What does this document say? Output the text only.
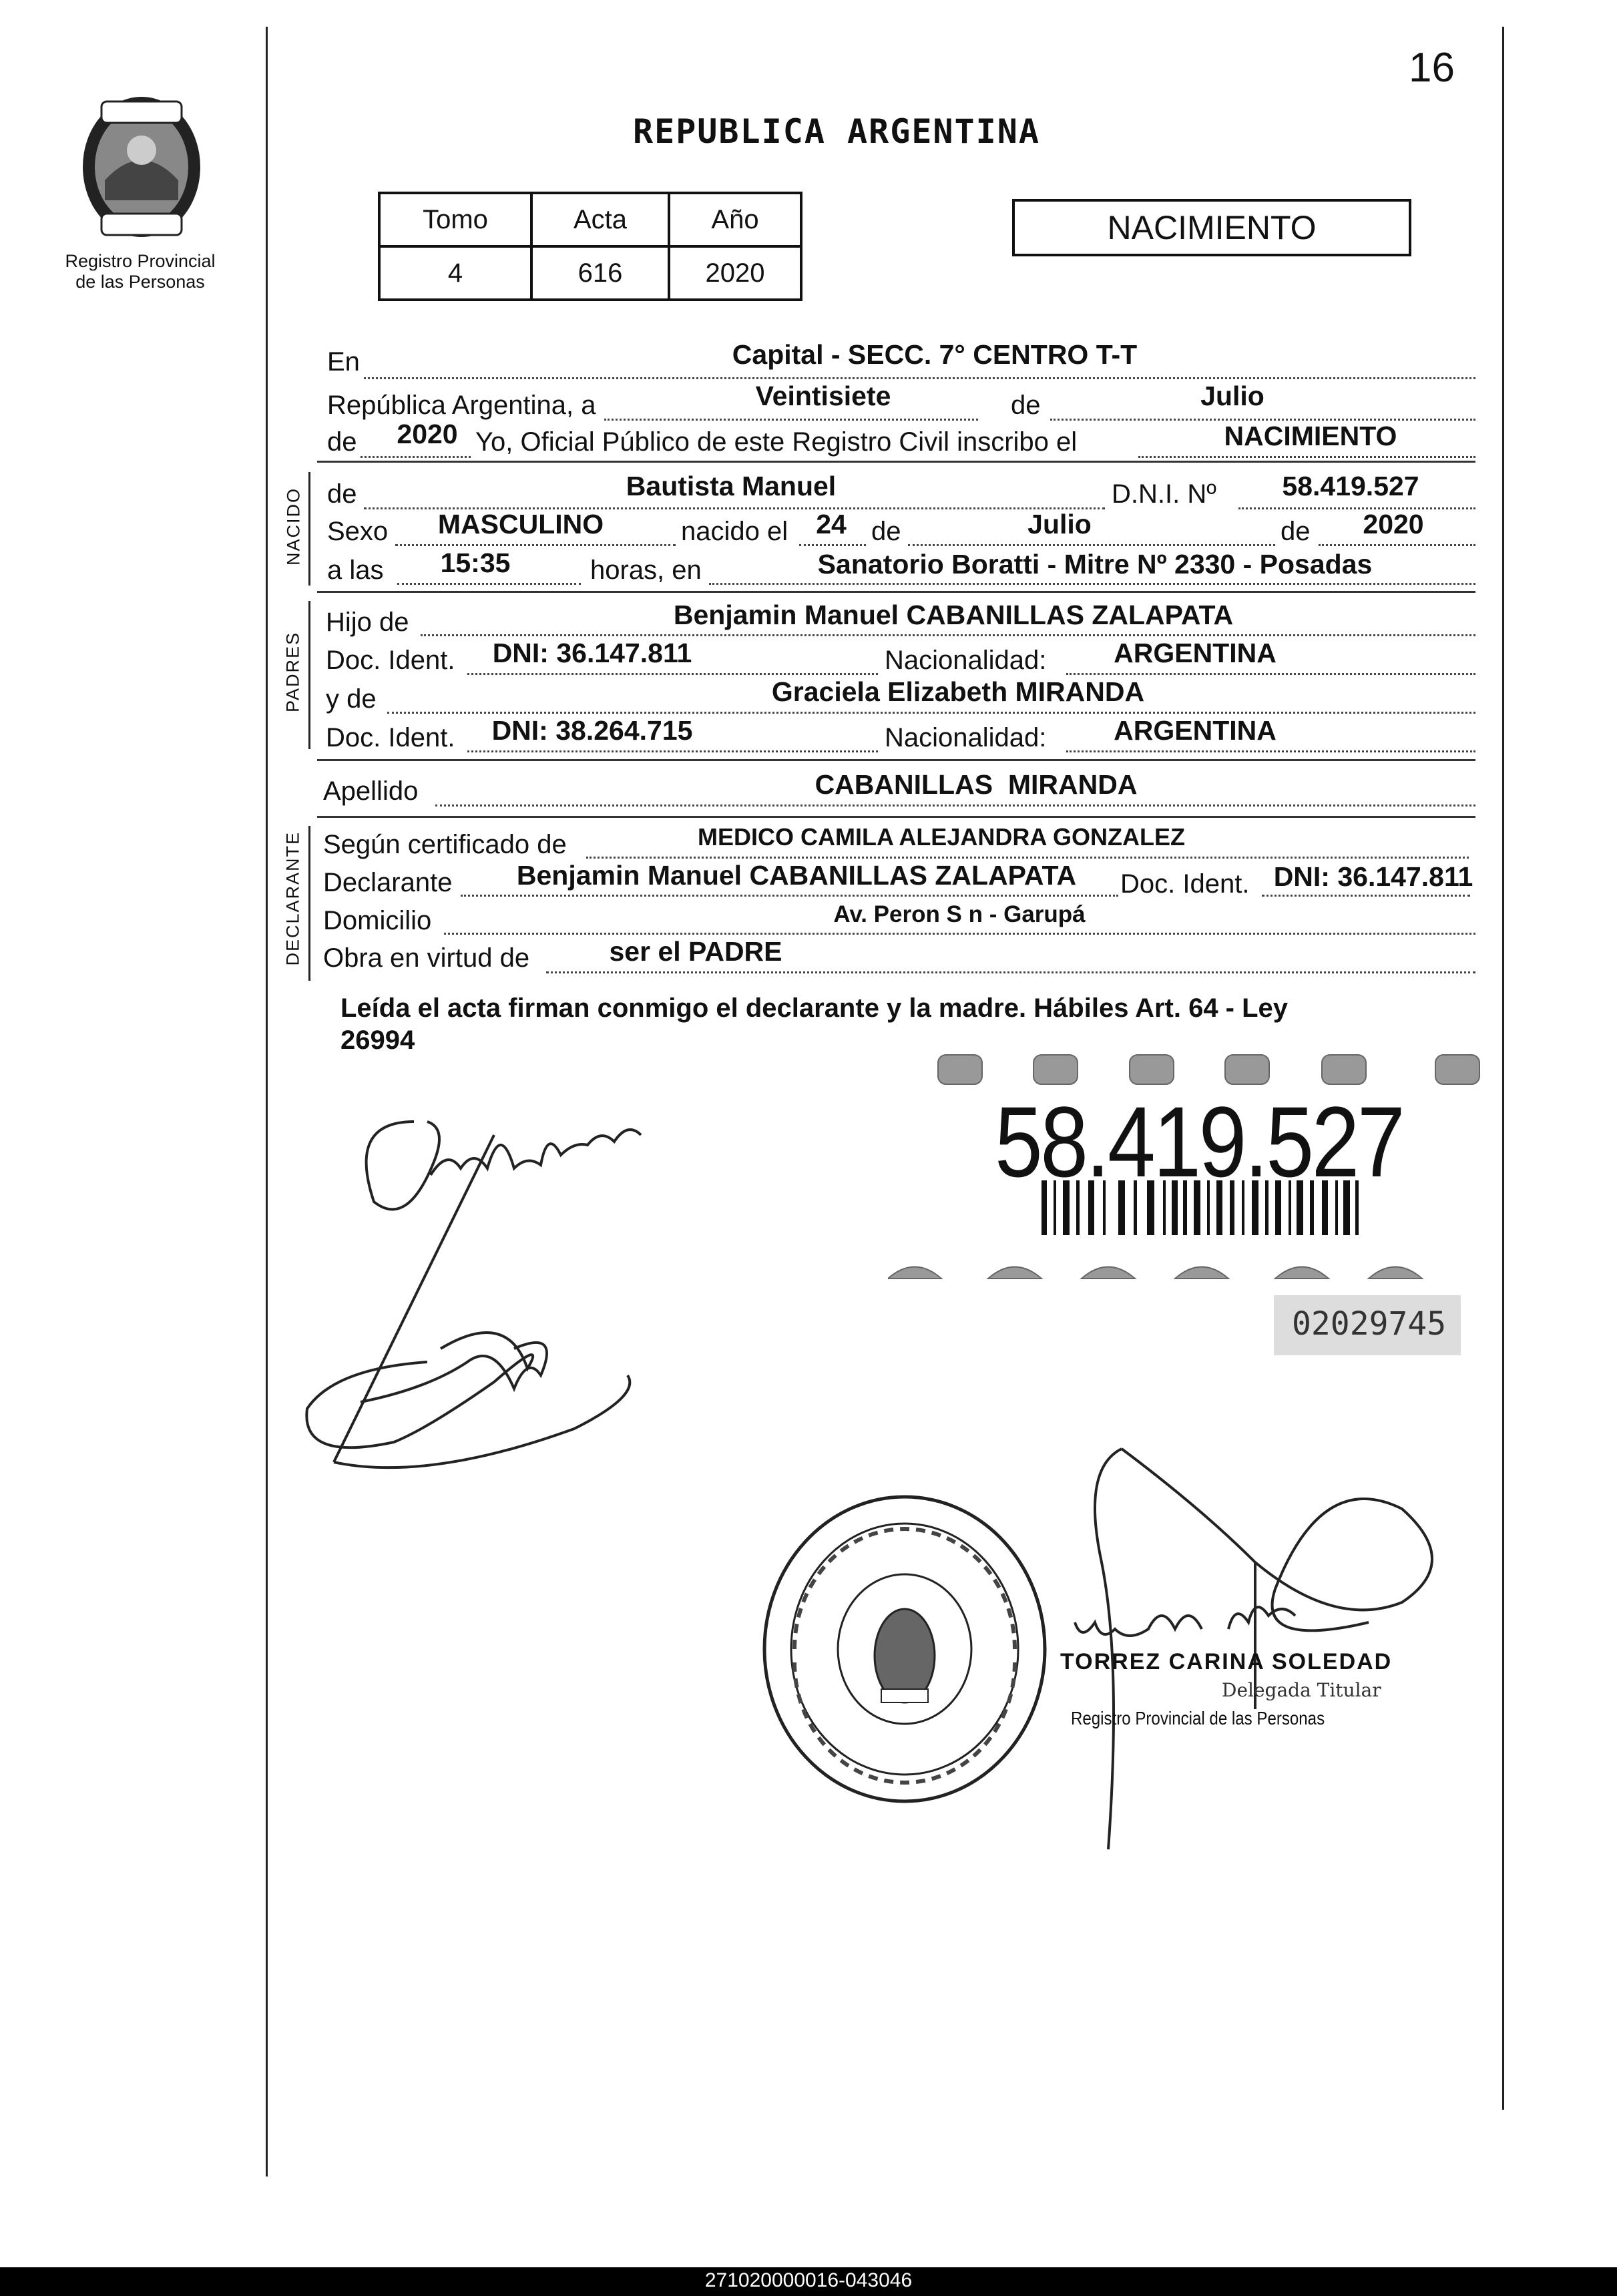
16
Registro Provincial
de las Personas
REPUBLICA ARGENTINA
Tomo	Acta	Año
4	616	2020
NACIMIENTO
En	Capital - SECC. 7° CENTRO T-T
República Argentina, a	Veintisiete	de	Julio
de 2020 Yo, Oficial Público de este Registro Civil inscribo el	NACIMIENTO
NACIDO de	Bautista Manuel	D.N.I. Nº 58.419.527
Sexo MASCULINO	nacido el 24 de	Julio	de 2020
a las 15:35	horas, en	Sanatorio Boratti - Mitre Nº 2330 - Posadas
PADRES
Hijo de	Benjamin Manuel CABANILLAS ZALAPATA
Doc. Ident. DNI: 36.147.811	Nacionalidad: ARGENTINA
y de	Graciela Elizabeth MIRANDA
Doc. Ident. DNI: 38.264.715	Nacionalidad: ARGENTINA
Apellido	CABANILLAS  MIRANDA
DECLARANTE Según certificado de	MEDICO CAMILA ALEJANDRA GONZALEZ
Declarante Benjamin Manuel CABANILLAS ZALAPATA Doc. Ident. DNI: 36.147.811
Domicilio	Av. Peron S n - Garupá
Obra en virtud de	ser el PADRE
Leída el acta firman conmigo el declarante y la madre. Hábiles Art. 64 - Ley
26994
58.419.527
02029745
TORREZ CARINA SOLEDAD
Delegada Titular
Registro Provincial de las Personas
271020000016-043046
